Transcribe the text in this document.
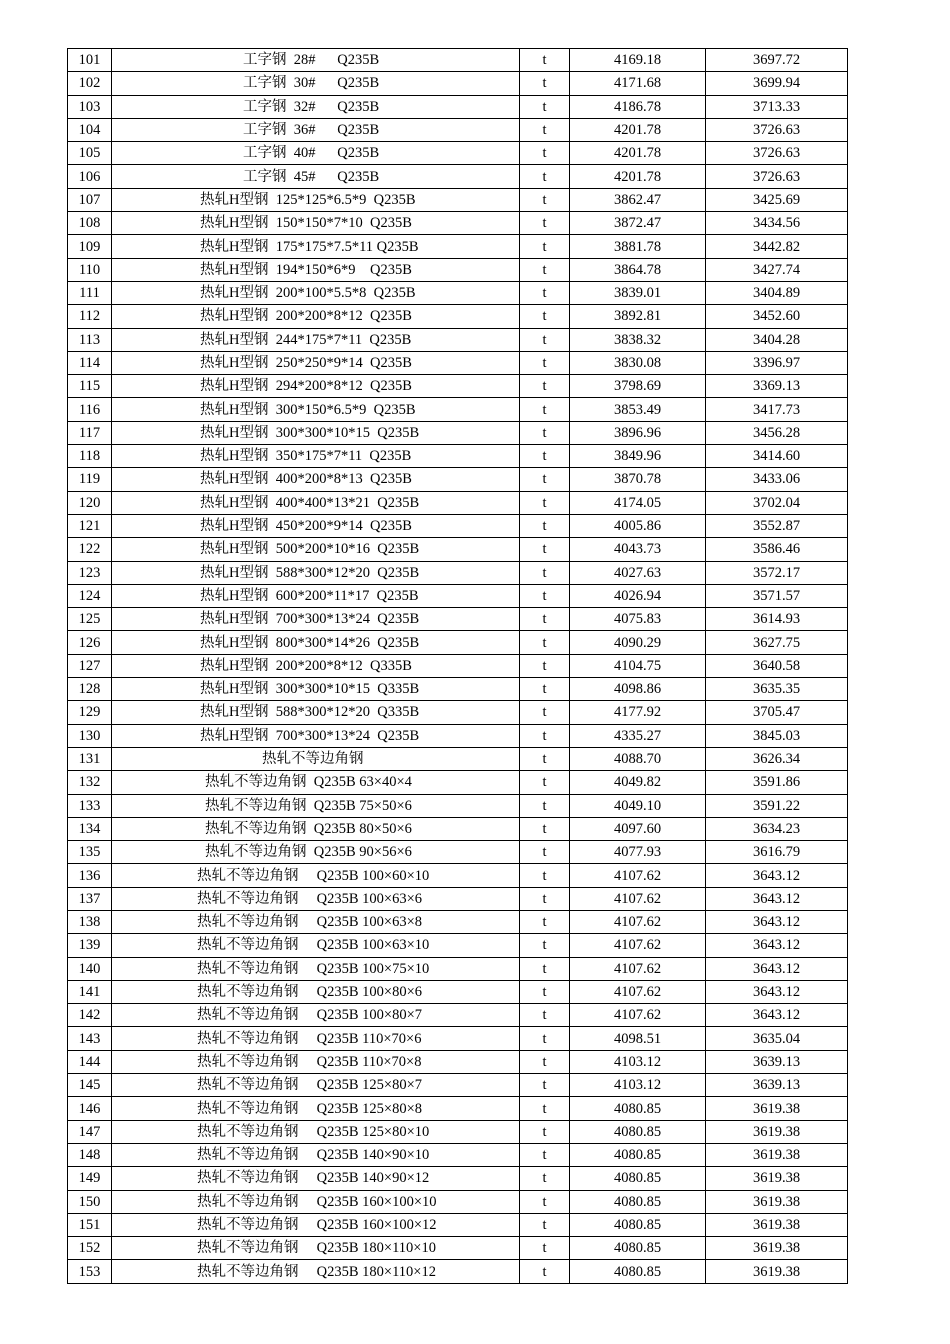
101	工字钢  28#      Q235B	t	4169.18	3697.72
102	工字钢  30#      Q235B	t	4171.68	3699.94
103	工字钢  32#      Q235B	t	4186.78	3713.33
104	工字钢  36#      Q235B	t	4201.78	3726.63
105	工字钢  40#      Q235B	t	4201.78	3726.63
106	工字钢  45#      Q235B	t	4201.78	3726.63
107	热轧H型钢  125*125*6.5*9  Q235B	t	3862.47	3425.69
108	热轧H型钢  150*150*7*10  Q235B	t	3872.47	3434.56
109	热轧H型钢  175*175*7.5*11 Q235B	t	3881.78	3442.82
110	热轧H型钢  194*150*6*9    Q235B	t	3864.78	3427.74
111	热轧H型钢  200*100*5.5*8  Q235B	t	3839.01	3404.89
112	热轧H型钢  200*200*8*12  Q235B	t	3892.81	3452.60
113	热轧H型钢  244*175*7*11  Q235B	t	3838.32	3404.28
114	热轧H型钢  250*250*9*14  Q235B	t	3830.08	3396.97
115	热轧H型钢  294*200*8*12  Q235B	t	3798.69	3369.13
116	热轧H型钢  300*150*6.5*9  Q235B	t	3853.49	3417.73
117	热轧H型钢  300*300*10*15  Q235B	t	3896.96	3456.28
118	热轧H型钢  350*175*7*11  Q235B	t	3849.96	3414.60
119	热轧H型钢  400*200*8*13  Q235B	t	3870.78	3433.06
120	热轧H型钢  400*400*13*21  Q235B	t	4174.05	3702.04
121	热轧H型钢  450*200*9*14  Q235B	t	4005.86	3552.87
122	热轧H型钢  500*200*10*16  Q235B	t	4043.73	3586.46
123	热轧H型钢  588*300*12*20  Q235B	t	4027.63	3572.17
124	热轧H型钢  600*200*11*17  Q235B	t	4026.94	3571.57
125	热轧H型钢  700*300*13*24  Q235B	t	4075.83	3614.93
126	热轧H型钢  800*300*14*26  Q235B	t	4090.29	3627.75
127	热轧H型钢  200*200*8*12  Q335B	t	4104.75	3640.58
128	热轧H型钢  300*300*10*15  Q335B	t	4098.86	3635.35
129	热轧H型钢  588*300*12*20  Q335B	t	4177.92	3705.47
130	热轧H型钢  700*300*13*24  Q235B	t	4335.27	3845.03
131	热轧不等边角钢	t	4088.70	3626.34
132	热轧不等边角钢  Q235B 63×40×4	t	4049.82	3591.86
133	热轧不等边角钢  Q235B 75×50×6	t	4049.10	3591.22
134	热轧不等边角钢  Q235B 80×50×6	t	4097.60	3634.23
135	热轧不等边角钢  Q235B 90×56×6	t	4077.93	3616.79
136	热轧不等边角钢     Q235B 100×60×10	t	4107.62	3643.12
137	热轧不等边角钢     Q235B 100×63×6	t	4107.62	3643.12
138	热轧不等边角钢     Q235B 100×63×8	t	4107.62	3643.12
139	热轧不等边角钢     Q235B 100×63×10	t	4107.62	3643.12
140	热轧不等边角钢     Q235B 100×75×10	t	4107.62	3643.12
141	热轧不等边角钢     Q235B 100×80×6	t	4107.62	3643.12
142	热轧不等边角钢     Q235B 100×80×7	t	4107.62	3643.12
143	热轧不等边角钢     Q235B 110×70×6	t	4098.51	3635.04
144	热轧不等边角钢     Q235B 110×70×8	t	4103.12	3639.13
145	热轧不等边角钢     Q235B 125×80×7	t	4103.12	3639.13
146	热轧不等边角钢     Q235B 125×80×8	t	4080.85	3619.38
147	热轧不等边角钢     Q235B 125×80×10	t	4080.85	3619.38
148	热轧不等边角钢     Q235B 140×90×10	t	4080.85	3619.38
149	热轧不等边角钢     Q235B 140×90×12	t	4080.85	3619.38
150	热轧不等边角钢     Q235B 160×100×10	t	4080.85	3619.38
151	热轧不等边角钢     Q235B 160×100×12	t	4080.85	3619.38
152	热轧不等边角钢     Q235B 180×110×10	t	4080.85	3619.38
153	热轧不等边角钢     Q235B 180×110×12	t	4080.85	3619.38
